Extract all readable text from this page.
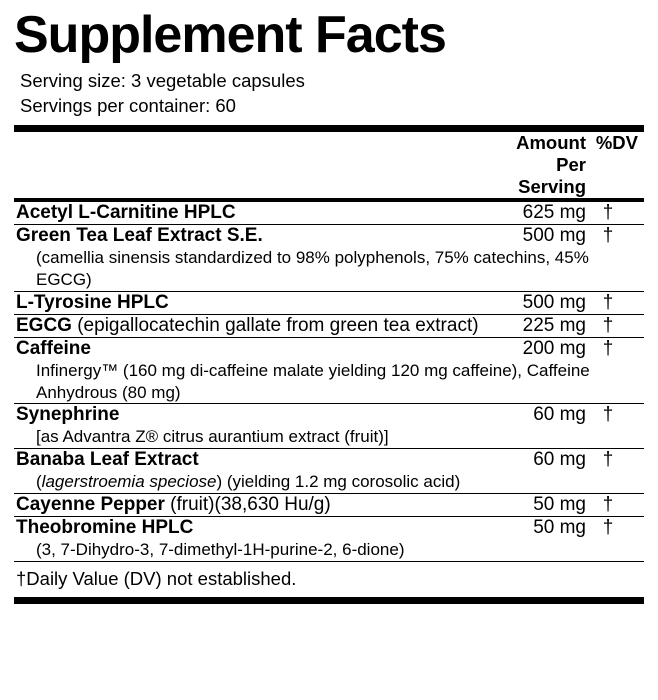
Supplement Facts
Serving size: 3 vegetable capsules
Servings per container: 60
	Amount Per Serving	%DV
Acetyl L-Carnitine HPLC	625 mg	†

Green Tea Leaf Extract S.E.	500 mg	†
(camellia sinensis standardized to 98% polyphenols, 75% catechins, 45% EGCG)		

L-Tyrosine HPLC	500 mg	†

EGCG (epigallocatechin gallate from green tea extract)	225 mg	†

Caffeine	200 mg	†
Infinergy™ (160 mg di-caffeine malate yielding 120 mg caffeine), Caffeine Anhydrous (80 mg)		

Synephrine	60 mg	†
[as Advantra Z® citrus aurantium extract (fruit)]		

Banaba Leaf Extract	60 mg	†
(lagerstroemia speciose) (yielding 1.2 mg corosolic acid)		

Cayenne Pepper (fruit)(38,630 Hu/g)	50 mg	†

Theobromine HPLC	50 mg	†
(3, 7-Dihydro-3, 7-dimethyl-1H-purine-2, 6-dione)		
†Daily Value (DV) not established.
